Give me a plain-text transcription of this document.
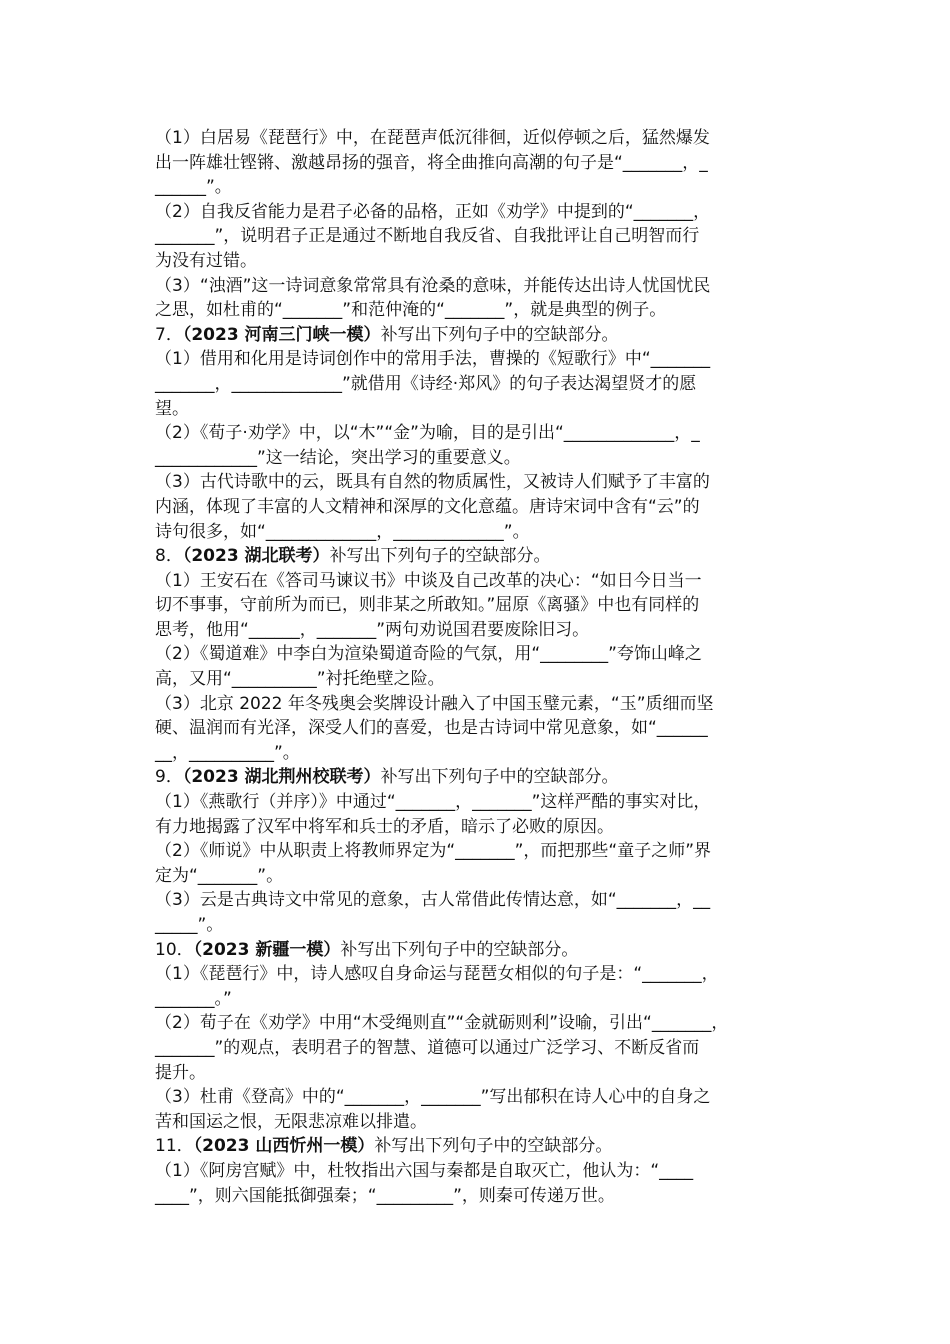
（1）白居易《琵琶行》中，在琵琶声低沉徘徊，近似停顿之后，猛然爆发
出一阵雄壮铿锵、激越昂扬的强音，将全曲推向高潮的句子是“_______，_
______”。
（2）自我反省能力是君子必备的品格，正如《劝学》中提到的“_______，
_______”，说明君子正是通过不断地自我反省、自我批评让自己明智而行
为没有过错。
（3）“浊酒”这一诗词意象常常具有沧桑的意味，并能传达出诗人忧国忧民
之思，如杜甫的“_______”和范仲淹的“_______”，就是典型的例子。
7．（2023 河南三门峡一模）补写出下列句子中的空缺部分。
（1）借用和化用是诗词创作中的常用手法，曹操的《短歌行》中“_______
_______，_____________”就借用《诗经·郑风》的句子表达渴望贤才的愿
望。
（2）《荀子·劝学》中，以“木”“金”为喻，目的是引出“_____________，_
____________”这一结论，突出学习的重要意义。
（3）古代诗歌中的云，既具有自然的物质属性，又被诗人们赋予了丰富的
内涵，体现了丰富的人文精神和深厚的文化意蕴。唐诗宋词中含有“云”的
诗句很多，如“_____________，_____________”。
8．（2023 湖北联考）补写出下列句子的空缺部分。
（1）王安石在《答司马谏议书》中谈及自己改革的决心：“如日今日当一
切不事事，守前所为而已，则非某之所敢知。”屈原《离骚》中也有同样的
思考，他用“______，_______”两句劝说国君要废除旧习。
（2）《蜀道难》中李白为渲染蜀道奇险的气氛，用“________”夸饰山峰之
高，又用“__________”衬托绝壁之险。
（3）北京 2022 年冬残奥会奖牌设计融入了中国玉璧元素，“玉”质细而坚
硬、温润而有光泽，深受人们的喜爱，也是古诗词中常见意象，如“______
__，__________”。
9．（2023 湖北荆州校联考）补写出下列句子中的空缺部分。
（1）《燕歌行（并序）》中通过“_______，_______”这样严酷的事实对比，
有力地揭露了汉军中将军和兵士的矛盾，暗示了必败的原因。
（2）《师说》中从职责上将教师界定为“_______”，而把那些“童子之师”界
定为“_______”。
（3）云是古典诗文中常见的意象，古人常借此传情达意，如“_______，__
_____”。
10．（2023 新疆一模）补写出下列句子中的空缺部分。
（1）《琵琶行》中，诗人感叹自身命运与琵琶女相似的句子是：“_______，
_______。”
（2）荀子在《劝学》中用“木受绳则直”“金就砺则利”设喻，引出“_______，
_______”的观点，表明君子的智慧、道德可以通过广泛学习、不断反省而
提升。
（3）杜甫《登高》中的“_______，_______”写出郁积在诗人心中的自身之
苦和国运之恨，无限悲凉难以排遣。
11．（2023 山西忻州一模）补写出下列句子中的空缺部分。
（1）《阿房宫赋》中，杜牧指出六国与秦都是自取灭亡，他认为：“____
____”，则六国能抵御强秦；“_________”，则秦可传递万世。
